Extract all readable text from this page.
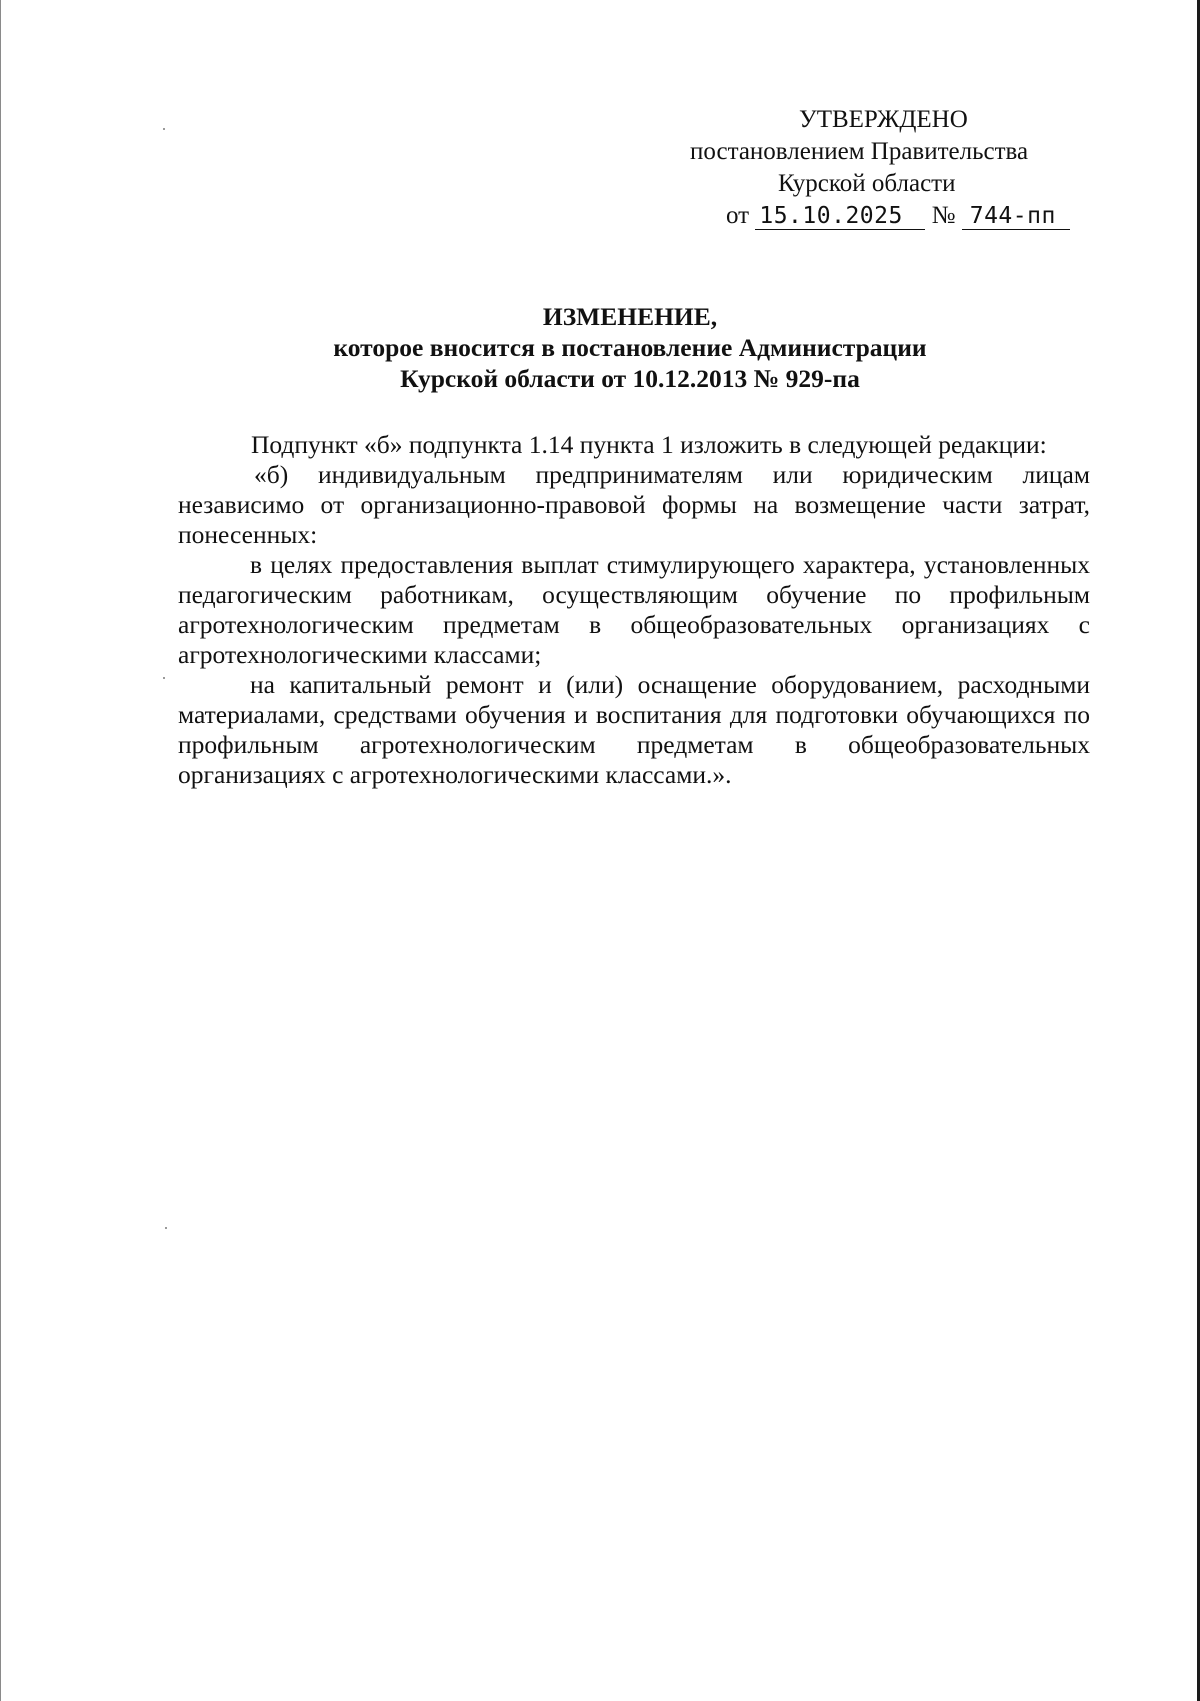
УТВЕРЖДЕНО
постановлением Правительства
Курской области
от 15.10.2025 № 744-пп
ИЗМЕНЕНИЕ,
которое вносится в постановление Администрации
Курской области от 10.12.2013 № 929-па

Подпункт «б» подпункта 1.14 пункта 1 изложить в следующей редакции:

«б) индивидуальным предпринимателям или юридическим лицам независимо от организационно-правовой формы на возмещение части затрат, понесенных:

в целях предоставления выплат стимулирующего характера, установленных педагогическим работникам, осуществляющим обучение по профильным агротехнологическим предметам в общеобразовательных организациях с агротехнологическими классами;

на капитальный ремонт и (или) оснащение оборудованием, расходными материалами, средствами обучения и воспитания для подготовки обучающихся по профильным агротехнологическим предметам в общеобразовательных организациях с агротехнологическими классами.».
